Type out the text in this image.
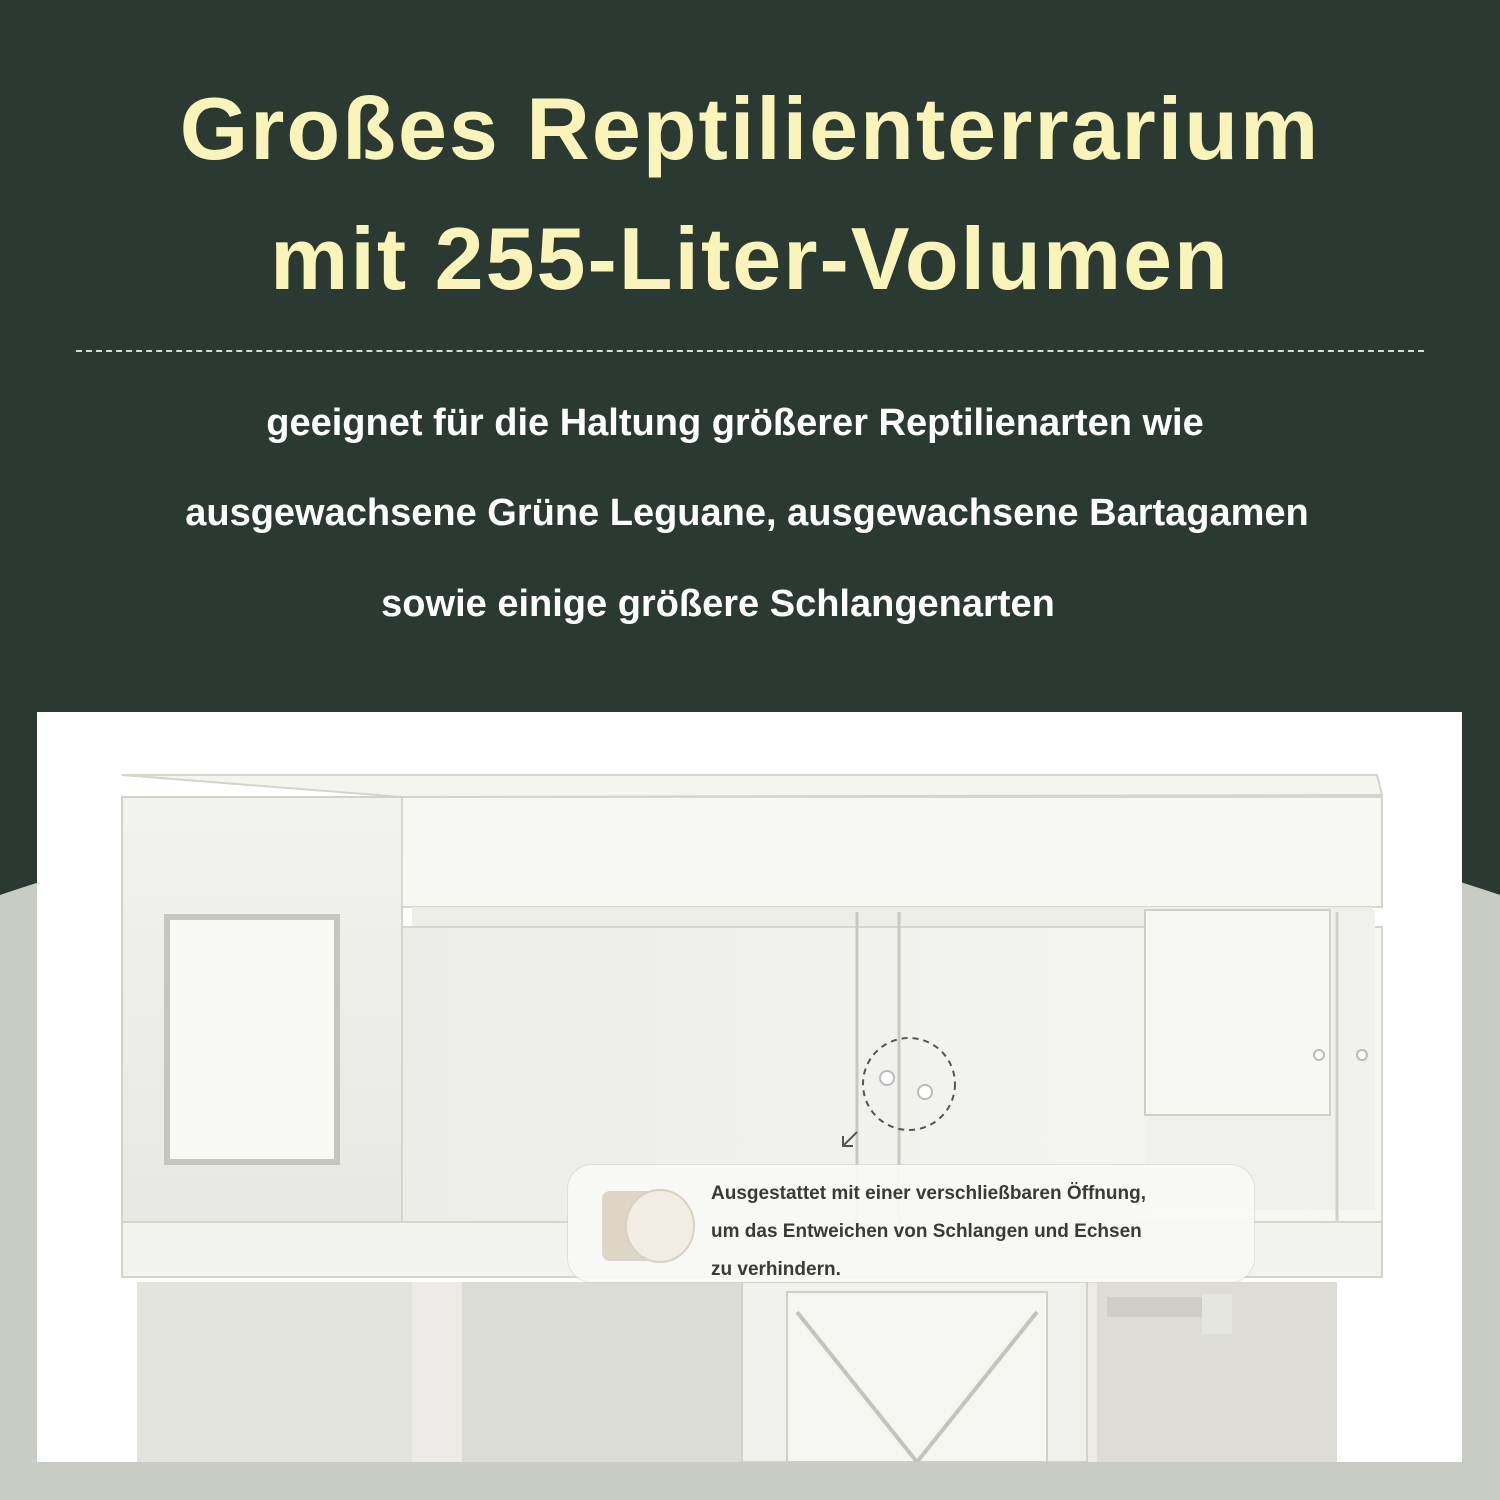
Großes Reptilienterrarium
mit 255-Liter-Volumen

geeignet für die Haltung größerer Reptilienarten wie

ausgewachsene Grüne Leguane, ausgewachsene Bartagamen

sowie einige größere Schlangenarten

Ausgestattet mit einer verschließbaren Öffnung,
um das Entweichen von Schlangen und Echsen
zu verhindern.
